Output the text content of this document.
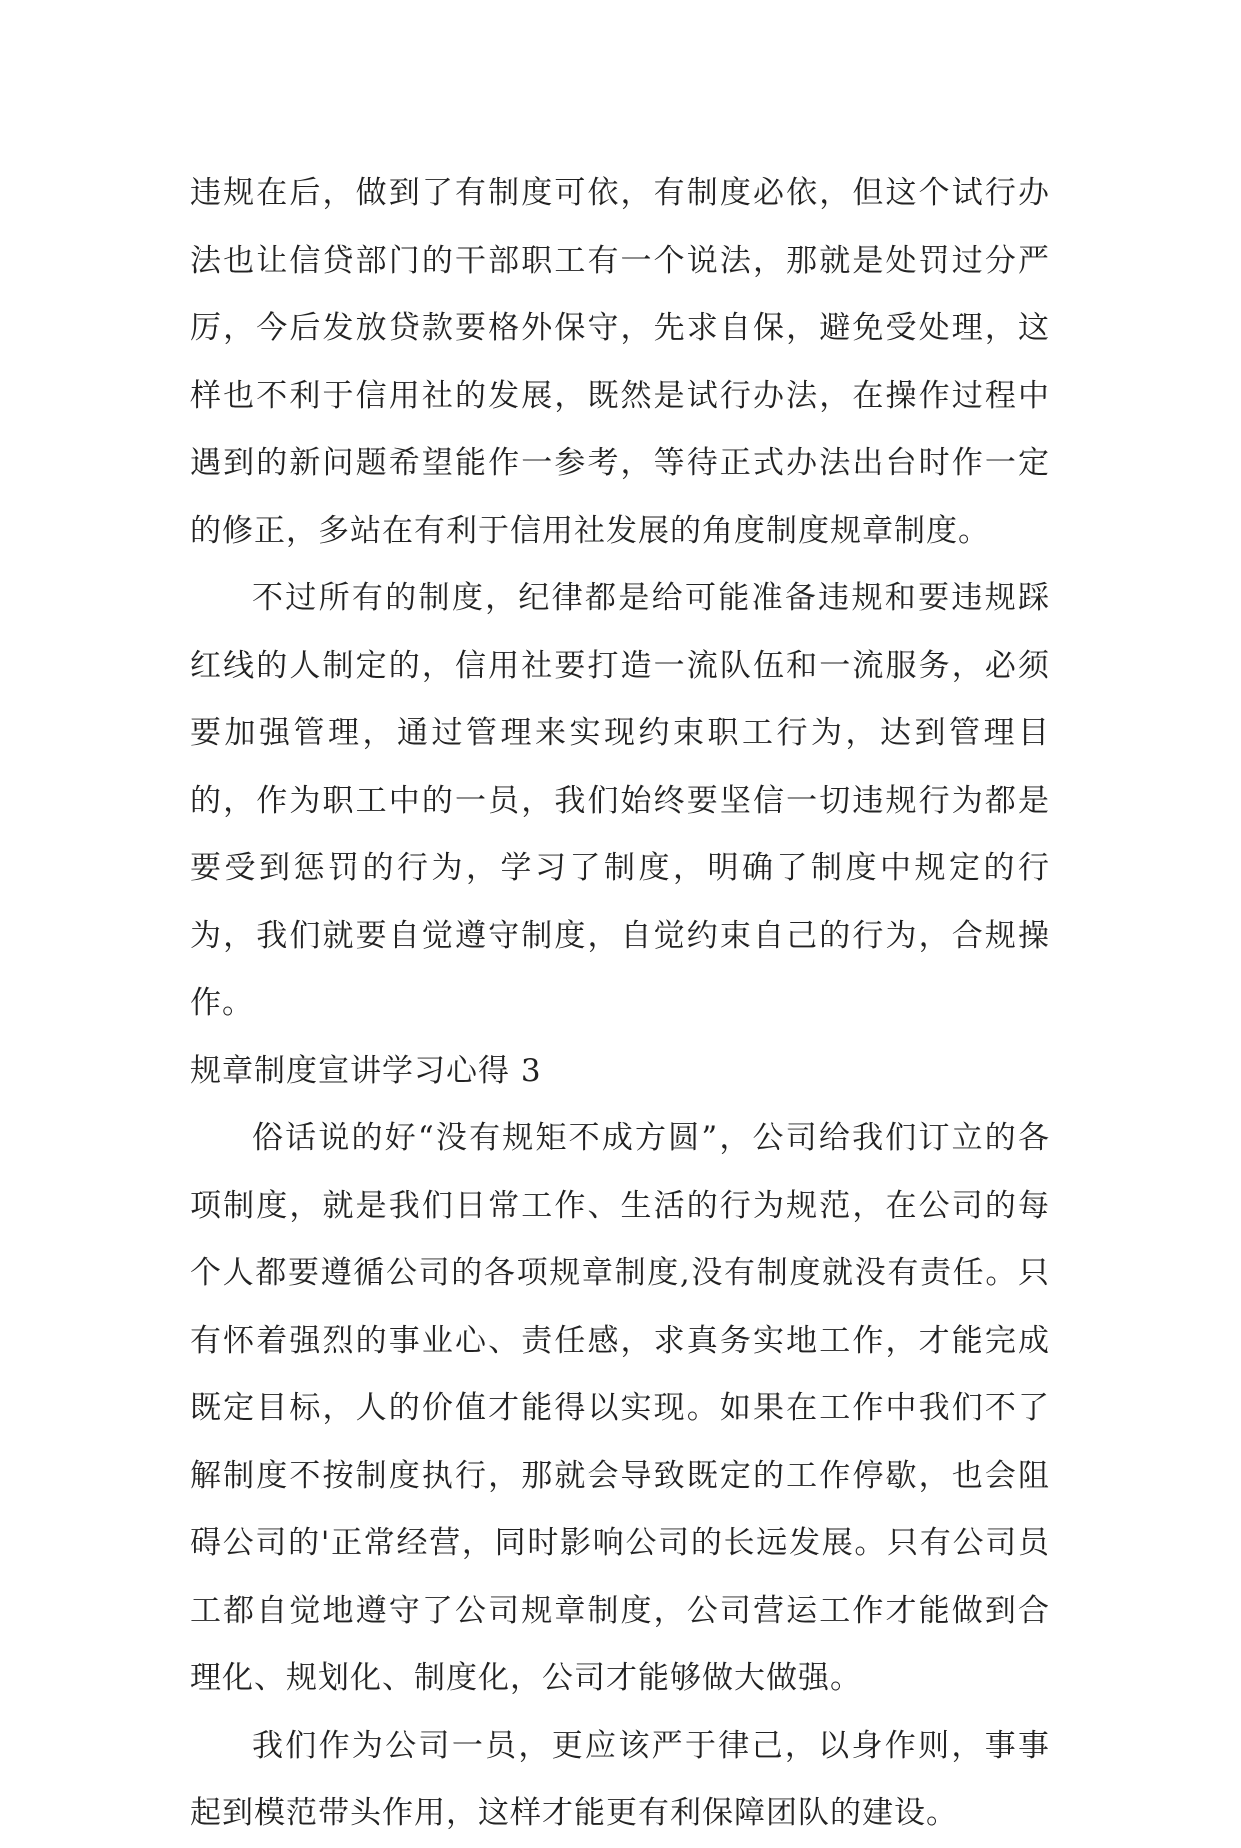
违规在后，做到了有制度可依，有制度必依，但这个试行办法也让信贷部门的干部职工有一个说法，那就是处罚过分严厉，今后发放贷款要格外保守，先求自保，避免受处理，这样也不利于信用社的发展，既然是试行办法，在操作过程中遇到的新问题希望能作一参考，等待正式办法出台时作一定的修正，多站在有利于信用社发展的角度制度规章制度。

不过所有的制度，纪律都是给可能准备违规和要违规踩红线的人制定的，信用社要打造一流队伍和一流服务，必须要加强管理，通过管理来实现约束职工行为，达到管理目的，作为职工中的一员，我们始终要坚信一切违规行为都是要受到惩罚的行为，学习了制度，明确了制度中规定的行为，我们就要自觉遵守制度，自觉约束自己的行为，合规操作。

规章制度宣讲学习心得 3

俗话说的好“没有规矩不成方圆”，公司给我们订立的各项制度，就是我们日常工作、生活的行为规范，在公司的每个人都要遵循公司的各项规章制度,没有制度就没有责任。只有怀着强烈的事业心、责任感，求真务实地工作，才能完成既定目标，人的价值才能得以实现。如果在工作中我们不了解制度不按制度执行，那就会导致既定的工作停歇，也会阻碍公司的'正常经营，同时影响公司的长远发展。只有公司员工都自觉地遵守了公司规章制度，公司营运工作才能做到合理化、规划化、制度化，公司才能够做大做强。

我们作为公司一员，更应该严于律己，以身作则，事事起到模范带头作用，这样才能更有利保障团队的建设。
